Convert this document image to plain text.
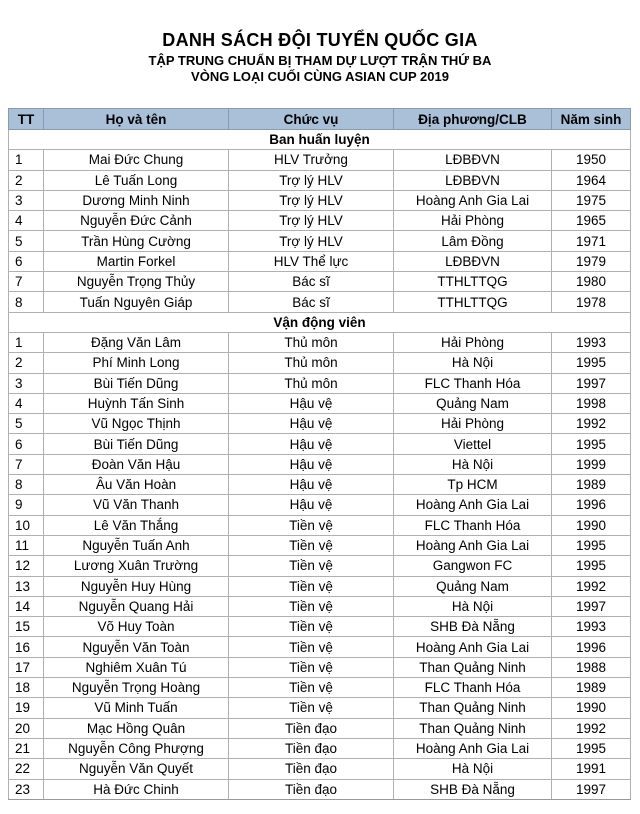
DANH SÁCH ĐỘI TUYỂN QUỐC GIA
TẬP TRUNG CHUẨN BỊ THAM DỰ LƯỢT TRẬN THỨ BA
VÒNG LOẠI CUỐI CÙNG ASIAN CUP 2019
TT	Họ và tên	Chức vụ	Địa phương/CLB	Năm sinh
Ban huấn luyện				
1	Mai Đức Chung	HLV Trưởng	LĐBĐVN	1950
2	Lê Tuấn Long	Trợ lý HLV	LĐBĐVN	1964
3	Dương Minh Ninh	Trợ lý HLV	Hoàng Anh Gia Lai	1975
4	Nguyễn Đức Cảnh	Trợ lý HLV	Hải Phòng	1965
5	Trần Hùng Cường	Trợ lý HLV	Lâm Đồng	1971
6	Martin Forkel	HLV Thể lực	LĐBĐVN	1979
7	Nguyễn Trọng Thủy	Bác sĩ	TTHLTTQG	1980
8	Tuấn Nguyên Giáp	Bác sĩ	TTHLTTQG	1978
Vận động viên				
1	Đặng Văn Lâm	Thủ môn	Hải Phòng	1993
2	Phí Minh Long	Thủ môn	Hà Nội	1995
3	Bùi Tiến Dũng	Thủ môn	FLC Thanh Hóa	1997
4	Huỳnh Tấn Sinh	Hậu vệ	Quảng Nam	1998
5	Vũ Ngọc Thịnh	Hậu vệ	Hải Phòng	1992
6	Bùi Tiến Dũng	Hậu vệ	Viettel	1995
7	Đoàn Văn Hậu	Hậu vệ	Hà Nội	1999
8	Âu Văn Hoàn	Hậu vệ	Tp HCM	1989
9	Vũ Văn Thanh	Hậu vệ	Hoàng Anh Gia Lai	1996
10	Lê Văn Thắng	Tiền vệ	FLC Thanh Hóa	1990
11	Nguyễn Tuấn Anh	Tiền vệ	Hoàng Anh Gia Lai	1995
12	Lương Xuân Trường	Tiền vệ	Gangwon FC	1995
13	Nguyễn Huy Hùng	Tiền vệ	Quảng Nam	1992
14	Nguyễn Quang Hải	Tiền vệ	Hà Nội	1997
15	Võ Huy Toàn	Tiền vệ	SHB Đà Nẵng	1993
16	Nguyễn Văn Toàn	Tiền vệ	Hoàng Anh Gia Lai	1996
17	Nghiêm Xuân Tú	Tiền vệ	Than Quảng Ninh	1988
18	Nguyễn Trọng Hoàng	Tiền vệ	FLC Thanh Hóa	1989
19	Vũ Minh Tuấn	Tiền vệ	Than Quảng Ninh	1990
20	Mạc Hồng Quân	Tiền đạo	Than Quảng Ninh	1992
21	Nguyễn Công Phượng	Tiền đạo	Hoàng Anh Gia Lai	1995
22	Nguyễn Văn Quyết	Tiền đạo	Hà Nội	1991
23	Hà Đức Chinh	Tiền đạo	SHB Đà Nẵng	1997
